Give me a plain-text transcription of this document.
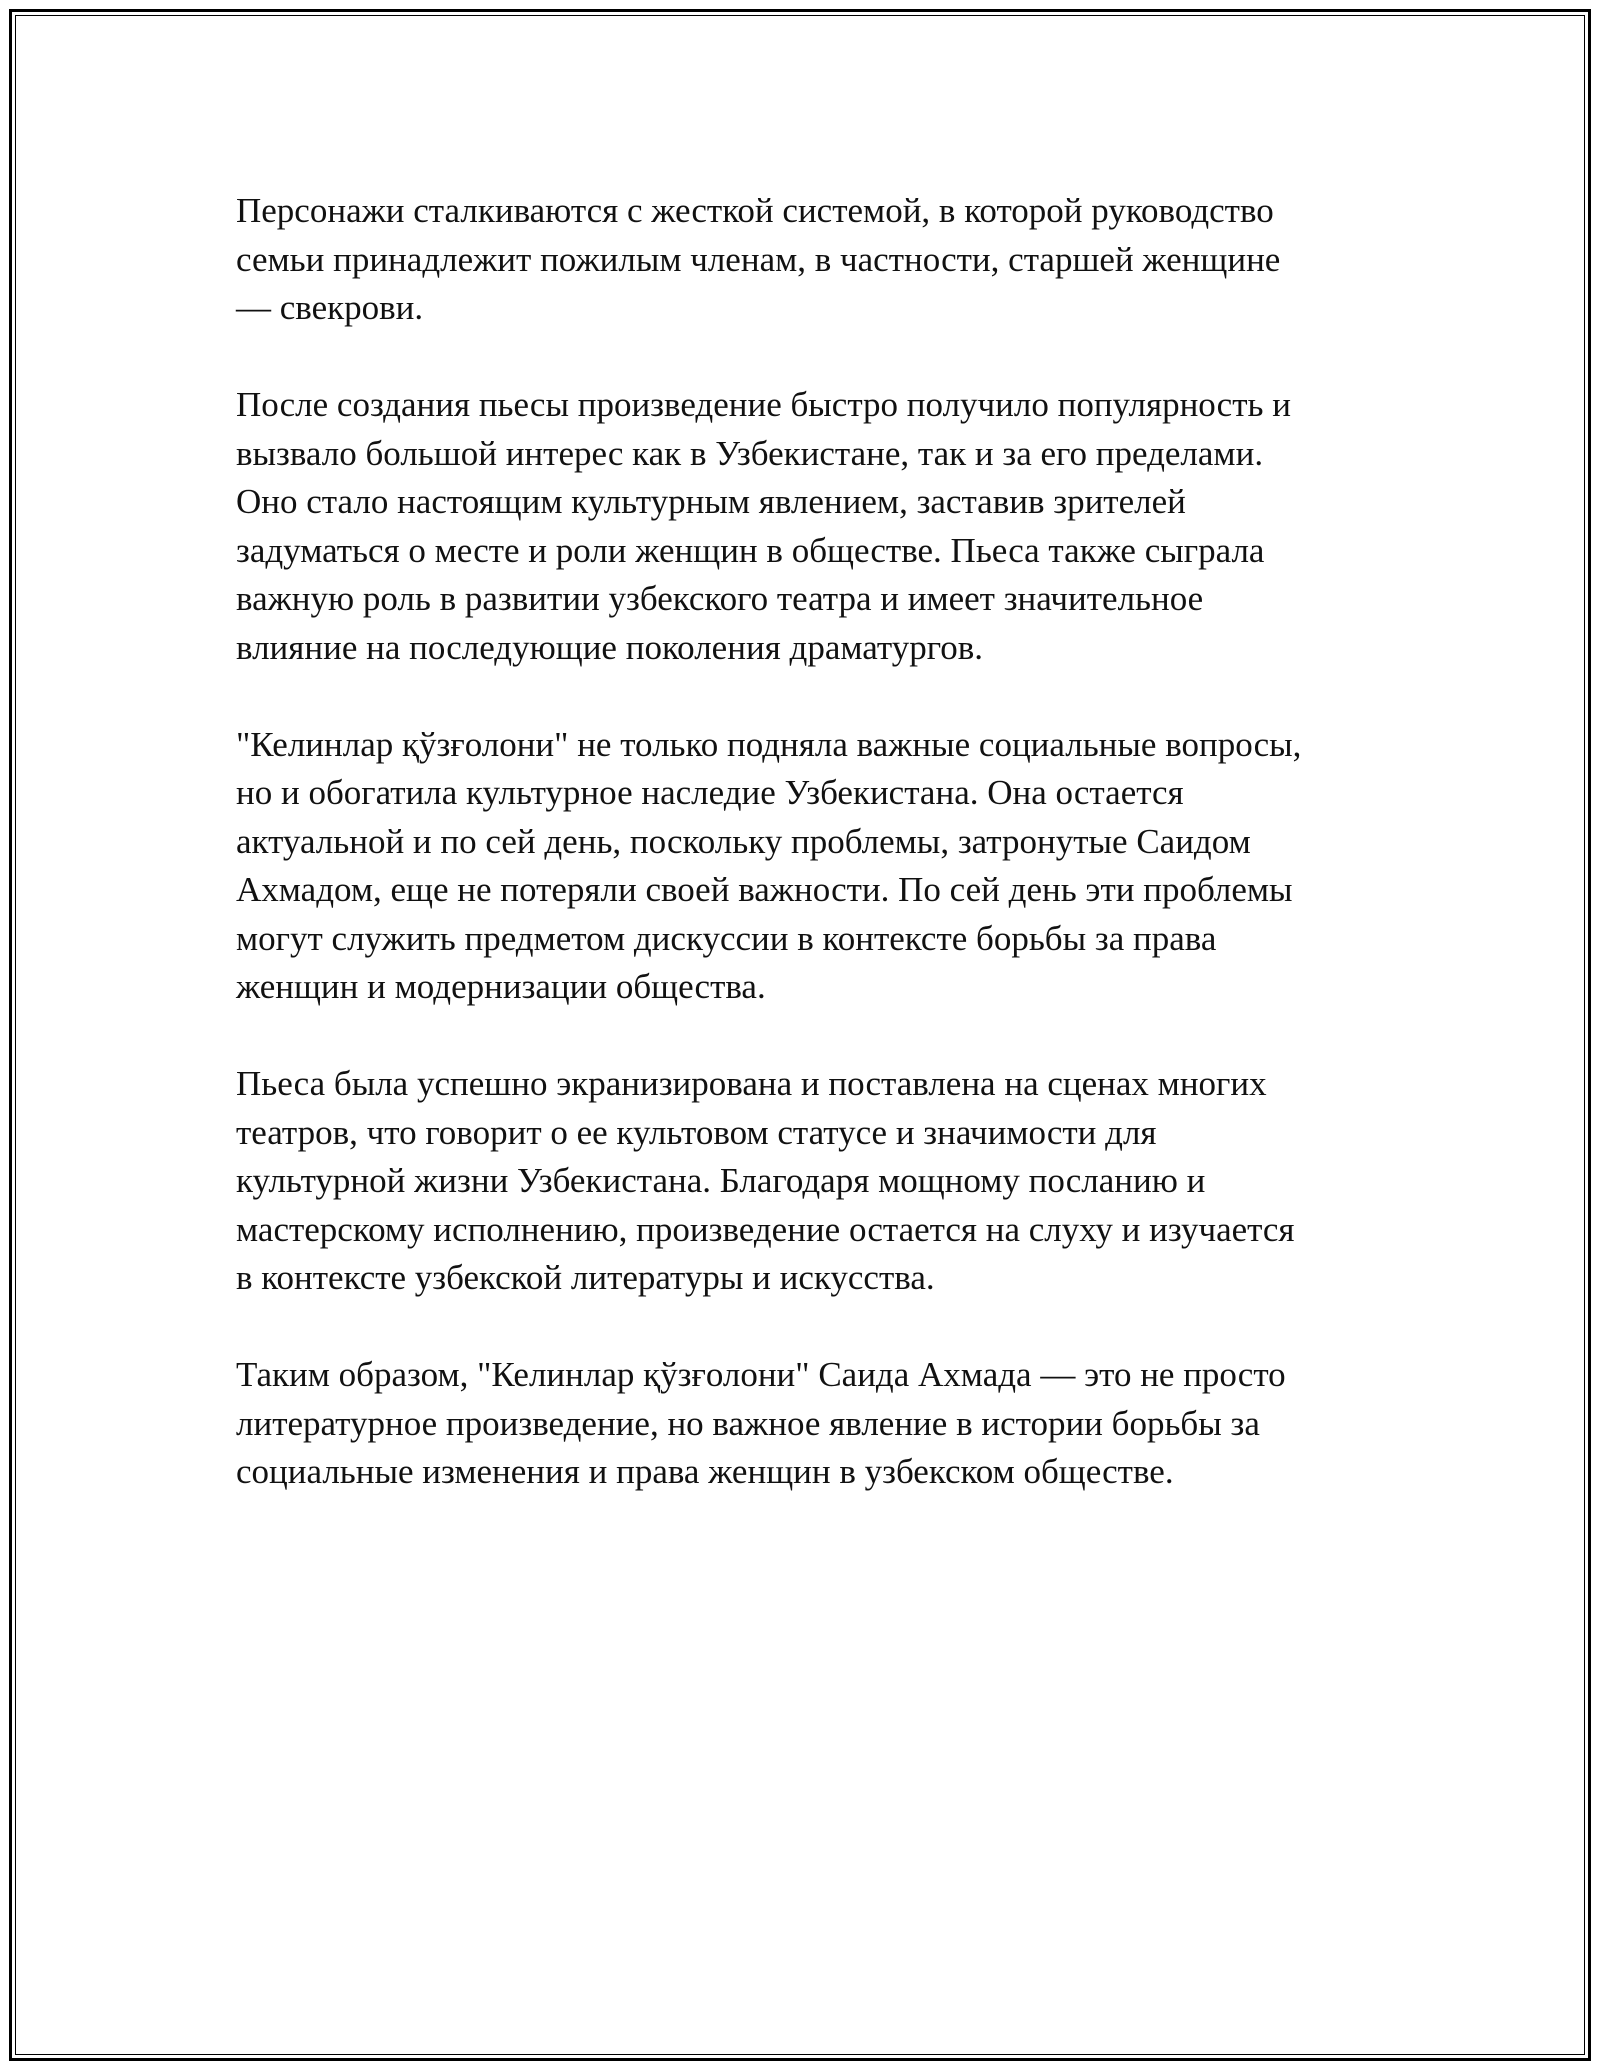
Персонажи сталкиваются с жесткой системой, в которой руководство
семьи принадлежит пожилым членам, в частности, старшей женщине
— свекрови.

После создания пьесы произведение быстро получило популярность и
вызвало большой интерес как в Узбекистане, так и за его пределами.
Оно стало настоящим культурным явлением, заставив зрителей
задуматься о месте и роли женщин в обществе. Пьеса также сыграла
важную роль в развитии узбекского театра и имеет значительное
влияние на последующие поколения драматургов.

"Келинлар қўзғолони" не только подняла важные социальные вопросы,
но и обогатила культурное наследие Узбекистана. Она остается
актуальной и по сей день, поскольку проблемы, затронутые Саидом
Ахмадом, еще не потеряли своей важности. По сей день эти проблемы
могут служить предметом дискуссии в контексте борьбы за права
женщин и модернизации общества.

Пьеса была успешно экранизирована и поставлена на сценах многих
театров, что говорит о ее культовом статусе и значимости для
культурной жизни Узбекистана. Благодаря мощному посланию и
мастерскому исполнению, произведение остается на слуху и изучается
в контексте узбекской литературы и искусства.

Таким образом, "Келинлар қўзғолони" Саида Ахмада — это не просто
литературное произведение, но важное явление в истории борьбы за
социальные изменения и права женщин в узбекском обществе.
